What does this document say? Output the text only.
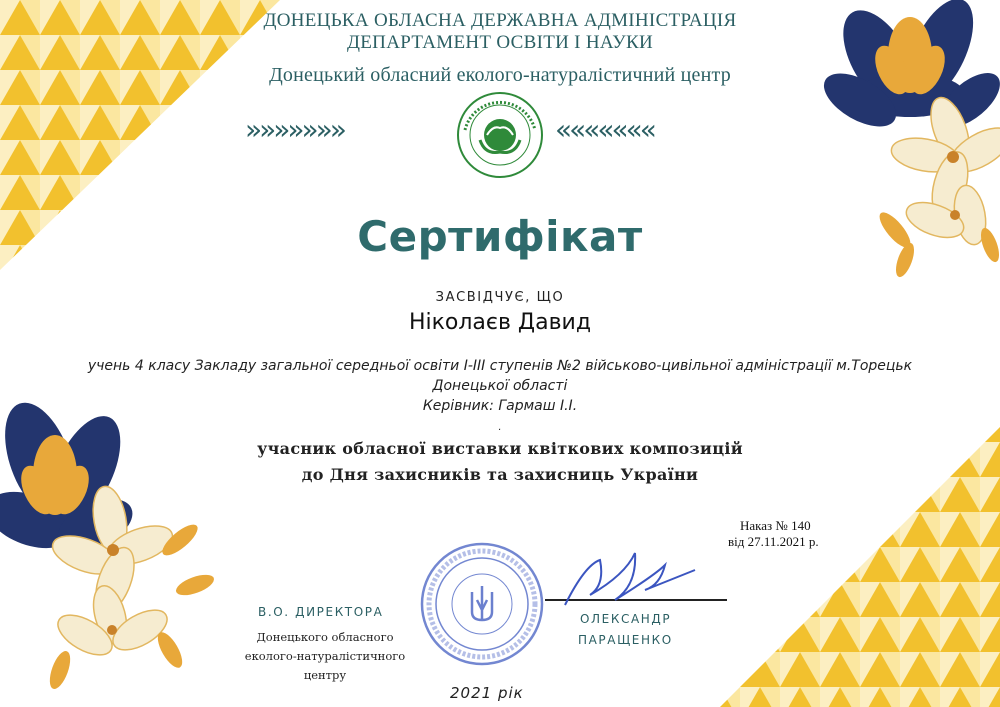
ДОНЕЦЬКА ОБЛАСНА ДЕРЖАВНА АДМІНІСТРАЦІЯ
ДЕПАРТАМЕНТ ОСВІТИ І НАУКИ
Донецький обласний еколого-натуралістичний центр
»»»»»»»	«««««««
Сертифікат
ЗАСВІДЧУЄ, ЩО
Ніколаєв Давид
учень 4 класу Закладу загальної середньої освіти І-ІІІ ступенів №2 військово-цивільної адміністрації м.Торецьк
Донецької області
Керівник: Гармаш І.І.
.
учасник обласної виставки квіткових композицій
до Дня захисників та захисниць України
Наказ № 140
від 27.11.2021 р.
В.О. ДИРЕКТОРА
Донецького обласного
еколого-натуралістичного
центру
ОЛЕКСАНДР
ПАРАЩЕНКО
2021 рік
